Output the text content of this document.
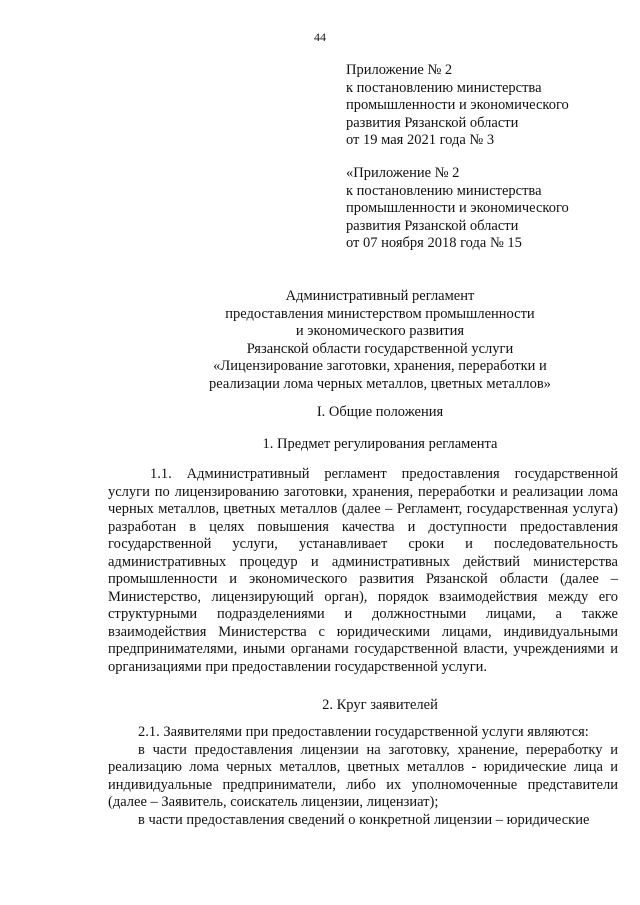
44
Приложение № 2
к постановлению министерства
промышленности и экономического
развития Рязанской области
от 19 мая 2021 года № 3
«Приложение № 2
к постановлению министерства
промышленности и экономического
развития Рязанской области
от 07 ноября 2018 года № 15
Административный регламент
предоставления министерством промышленности
и экономического развития
Рязанской области государственной услуги
«Лицензирование заготовки, хранения, переработки и
реализации лома черных металлов, цветных металлов»
I. Общие положения
1. Предмет регулирования регламента

1.1. Административный регламент предоставления государственной услуги по лицензированию заготовки, хранения, переработки и реализации лома черных металлов, цветных металлов (далее – Регламент, государственная услуга) разработан в целях повышения качества и доступности предоставления государственной услуги, устанавливает сроки и последовательность административных процедур и административных действий министерства промышленности и экономического развития Рязанской области (далее – Министерство, лицензирующий орган), порядок взаимодействия между его структурными подразделениями и должностными лицами, а также взаимодействия Министерства с юридическими лицами, индивидуальными предпринимателями, иными органами государственной власти, учреждениями и организациями при предоставлении государственной услуги.

2. Круг заявителей

2.1. Заявителями при предоставлении государственной услуги являются:

в части предоставления лицензии на заготовку, хранение, переработку и реализацию лома черных металлов, цветных металлов - юридические лица и индивидуальные предприниматели, либо их уполномоченные представители (далее – Заявитель, соискатель лицензии, лицензиат);

в части предоставления сведений о конкретной лицензии – юридические
